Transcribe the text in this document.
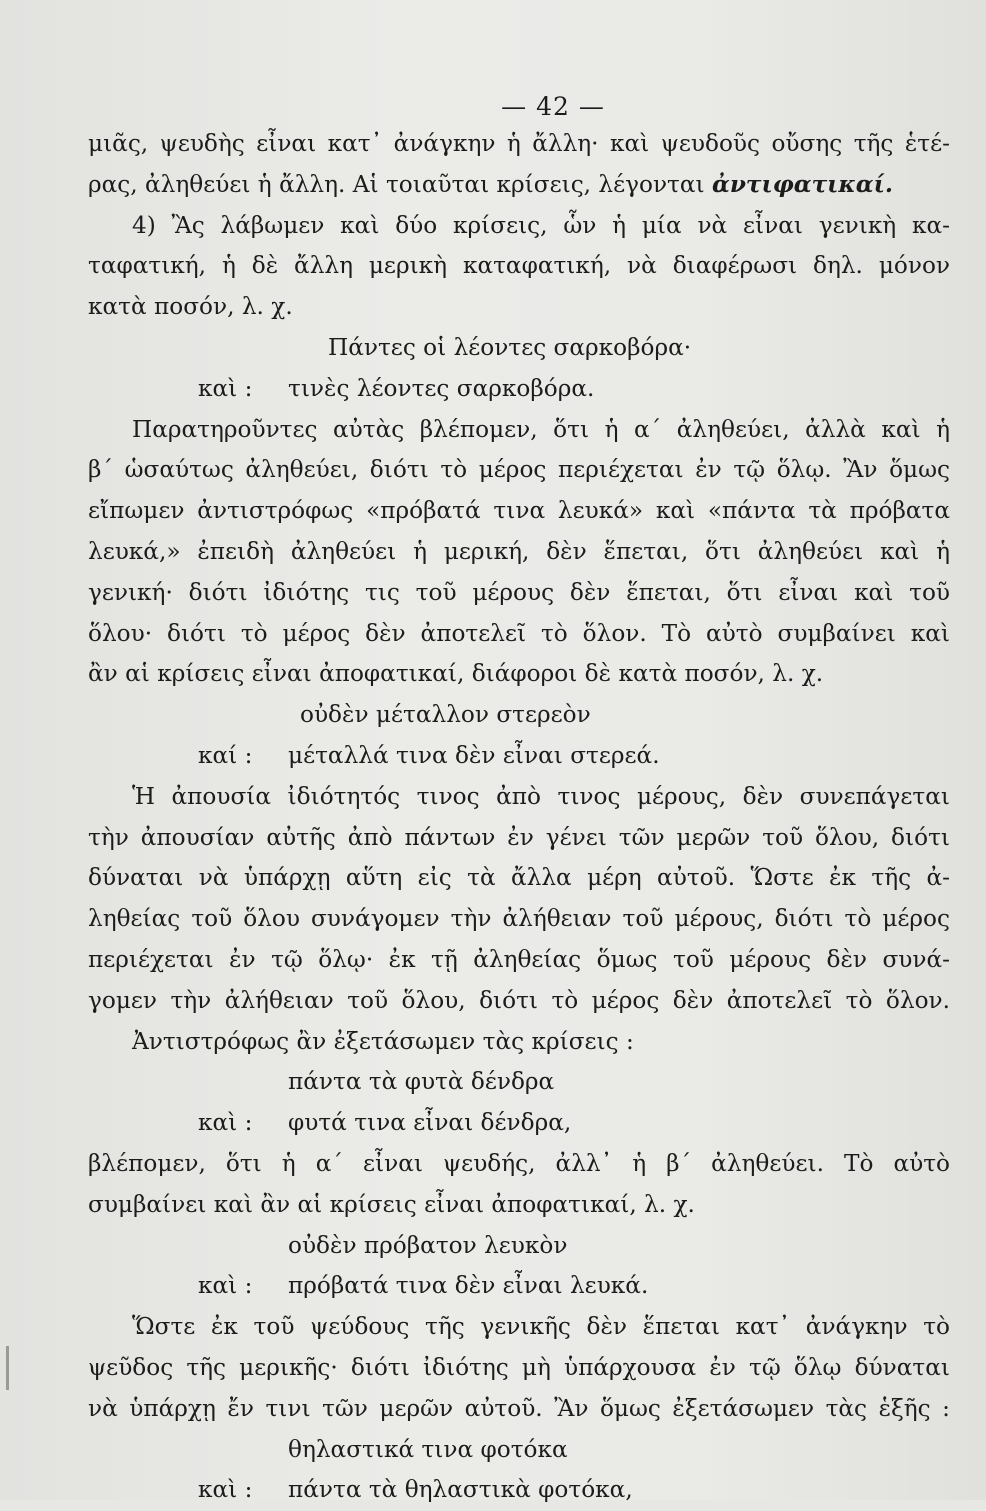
— 42 —
μιᾶς, ψευδὴς εἶναι κατ᾽ ἀνάγκην ἡ ἄλλη· καὶ ψευδοῦς οὔσης τῆς ἑτέ-
ρας, ἀληθεύει ἡ ἄλλη. Αἱ τοιαῦται κρίσεις, λέγονται ἀντιφατικαί.
4) Ἂς λάβωμεν καὶ δύο κρίσεις, ὧν ἡ μία νὰ εἶναι γενικὴ κα-
ταφατική, ἡ δὲ ἄλλη μερικὴ καταφατική, νὰ διαφέρωσι δηλ. μόνον
κατὰ ποσόν, λ. χ.
Πάντες οἱ λέοντες σαρκοβόρα·
καὶ :	τινὲς λέοντες σαρκοβόρα.
Παρατηροῦντες αὐτὰς βλέπομεν, ὅτι ἡ α΄ ἀληθεύει, ἀλλὰ καὶ ἡ
β΄ ὡσαύτως ἀληθεύει, διότι τὸ μέρος περιέχεται ἐν τῷ ὅλῳ. Ἂν ὅμως
εἴπωμεν ἀντιστρόφως «πρόβατά τινα λευκά» καὶ «πάντα τὰ πρόβατα
λευκά,» ἐπειδὴ ἀληθεύει ἡ μερική, δὲν ἕπεται, ὅτι ἀληθεύει καὶ ἡ
γενική· διότι ἰδιότης τις τοῦ μέρους δὲν ἕπεται, ὅτι εἶναι καὶ τοῦ
ὅλου· διότι τὸ μέρος δὲν ἀποτελεῖ τὸ ὅλον. Τὸ αὐτὸ συμβαίνει καὶ
ἂν αἱ κρίσεις εἶναι ἀποφατικαί, διάφοροι δὲ κατὰ ποσόν, λ. χ.
οὐδὲν μέταλλον στερεὸν
καί :	μέταλλά τινα δὲν εἶναι στερεά.
Ἡ ἀπουσία ἰδιότητός τινος ἀπὸ τινος μέρους, δὲν συνεπάγεται
τὴν ἀπουσίαν αὐτῆς ἀπὸ πάντων ἐν γένει τῶν μερῶν τοῦ ὅλου, διότι
δύναται νὰ ὑπάρχῃ αὕτη εἰς τὰ ἄλλα μέρη αὐτοῦ. Ὥστε ἐκ τῆς ἀ-
ληθείας τοῦ ὅλου συνάγομεν τὴν ἀλήθειαν τοῦ μέρους, διότι τὸ μέρος
περιέχεται ἐν τῷ ὅλῳ· ἐκ τῇ ἀληθείας ὅμως τοῦ μέρους δὲν συνά-
γομεν τὴν ἀλήθειαν τοῦ ὅλου, διότι τὸ μέρος δὲν ἀποτελεῖ τὸ ὅλον.
Ἀντιστρόφως ἂν ἐξετάσωμεν τὰς κρίσεις :
πάντα τὰ φυτὰ δένδρα
καὶ :	φυτά τινα εἶναι δένδρα,
βλέπομεν, ὅτι ἡ α΄ εἶναι ψευδής, ἀλλ᾽ ἡ β΄ ἀληθεύει. Τὸ αὐτὸ
συμβαίνει καὶ ἂν αἱ κρίσεις εἶναι ἀποφατικαί, λ. χ.
οὐδὲν πρόβατον λευκὸν
καὶ :	πρόβατά τινα δὲν εἶναι λευκά.
Ὥστε ἐκ τοῦ ψεύδους τῆς γενικῆς δὲν ἕπεται κατ᾽ ἀνάγκην τὸ
ψεῦδος τῆς μερικῆς· διότι ἰδιότης μὴ ὑπάρχουσα ἐν τῷ ὅλῳ δύναται
νὰ ὑπάρχῃ ἔν τινι τῶν μερῶν αὐτοῦ. Ἂν ὅμως ἐξετάσωμεν τὰς ἑξῆς :
θηλαστικά τινα φοτόκα
καὶ :	πάντα τὰ θηλαστικὰ φοτόκα,
